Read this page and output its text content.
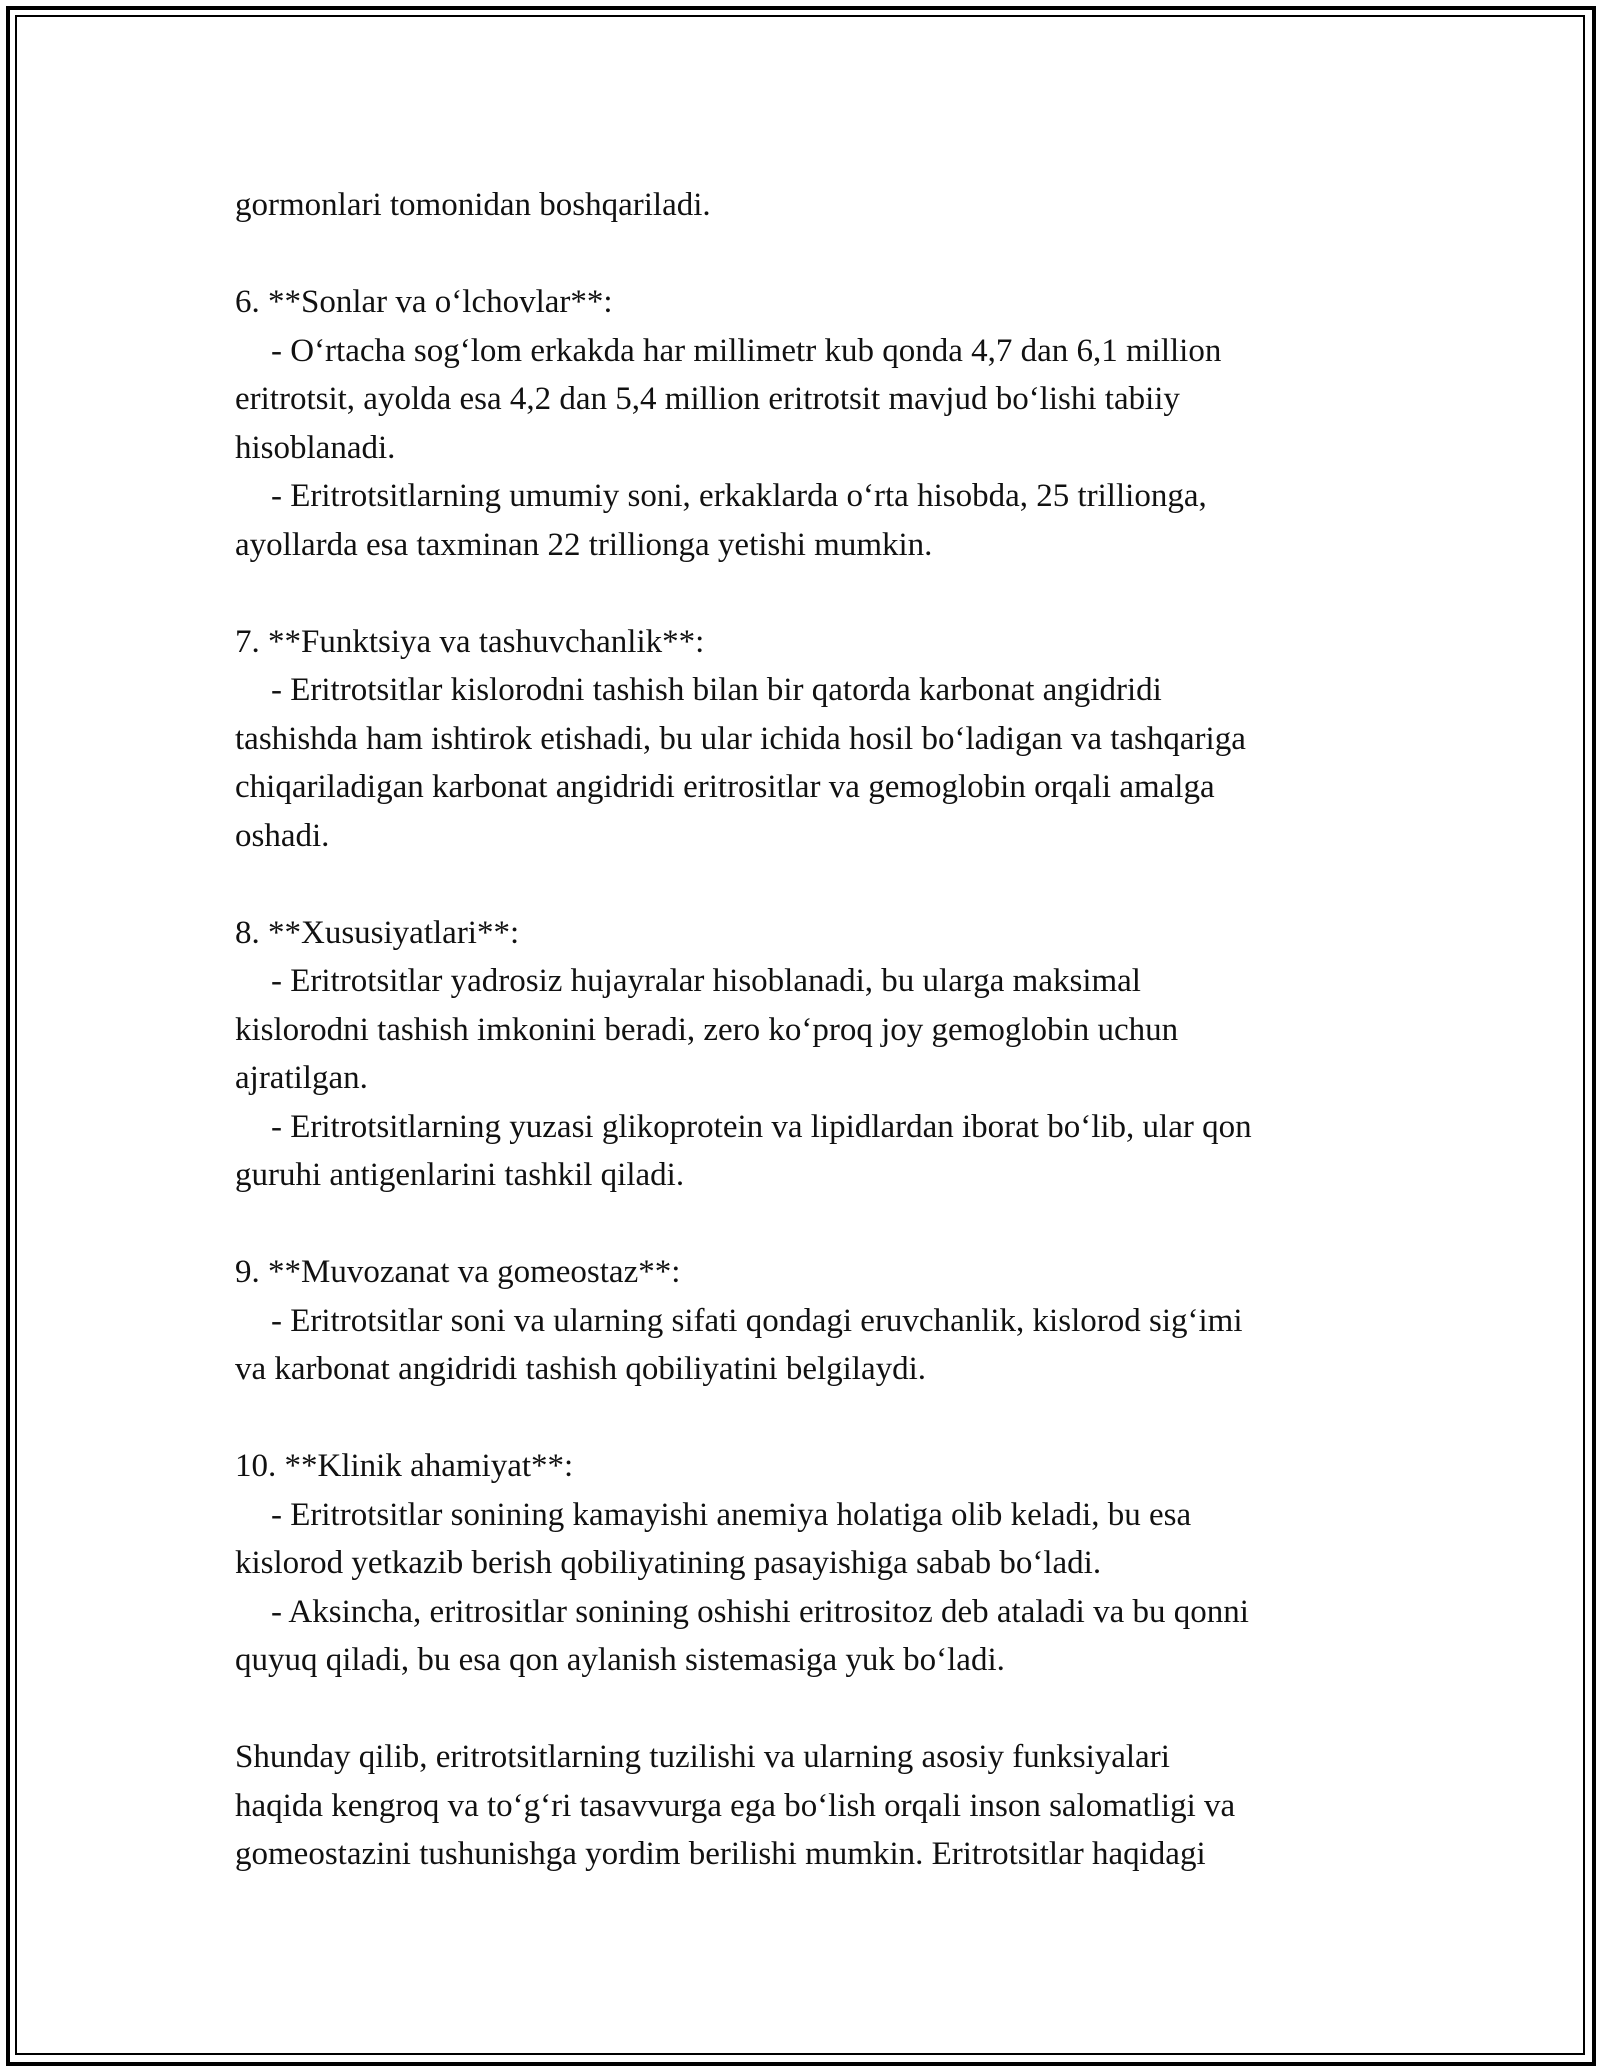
gormonlari tomonidan boshqariladi.
6. **Sonlar va o‘lchovlar**:
- O‘rtacha sog‘lom erkakda har millimetr kub qonda 4,7 dan 6,1 million
eritrotsit, ayolda esa 4,2 dan 5,4 million eritrotsit mavjud bo‘lishi tabiiy
hisoblanadi.
- Eritrotsitlarning umumiy soni, erkaklarda o‘rta hisobda, 25 trillionga,
ayollarda esa taxminan 22 trillionga yetishi mumkin.
7. **Funktsiya va tashuvchanlik**:
- Eritrotsitlar kislorodni tashish bilan bir qatorda karbonat angidridi
tashishda ham ishtirok etishadi, bu ular ichida hosil bo‘ladigan va tashqariga
chiqariladigan karbonat angidridi eritrositlar va gemoglobin orqali amalga
oshadi.
8. **Xususiyatlari**:
- Eritrotsitlar yadrosiz hujayralar hisoblanadi, bu ularga maksimal
kislorodni tashish imkonini beradi, zero ko‘proq joy gemoglobin uchun
ajratilgan.
- Eritrotsitlarning yuzasi glikoprotein va lipidlardan iborat bo‘lib, ular qon
guruhi antigenlarini tashkil qiladi.
9. **Muvozanat va gomeostaz**:
- Eritrotsitlar soni va ularning sifati qondagi eruvchanlik, kislorod sig‘imi
va karbonat angidridi tashish qobiliyatini belgilaydi.
10. **Klinik ahamiyat**:
- Eritrotsitlar sonining kamayishi anemiya holatiga olib keladi, bu esa
kislorod yetkazib berish qobiliyatining pasayishiga sabab bo‘ladi.
- Aksincha, eritrositlar sonining oshishi eritrositoz deb ataladi va bu qonni
quyuq qiladi, bu esa qon aylanish sistemasiga yuk bo‘ladi.
Shunday qilib, eritrotsitlarning tuzilishi va ularning asosiy funksiyalari
haqida kengroq va to‘g‘ri tasavvurga ega bo‘lish orqali inson salomatligi va
gomeostazini tushunishga yordim berilishi mumkin. Eritrotsitlar haqidagi
